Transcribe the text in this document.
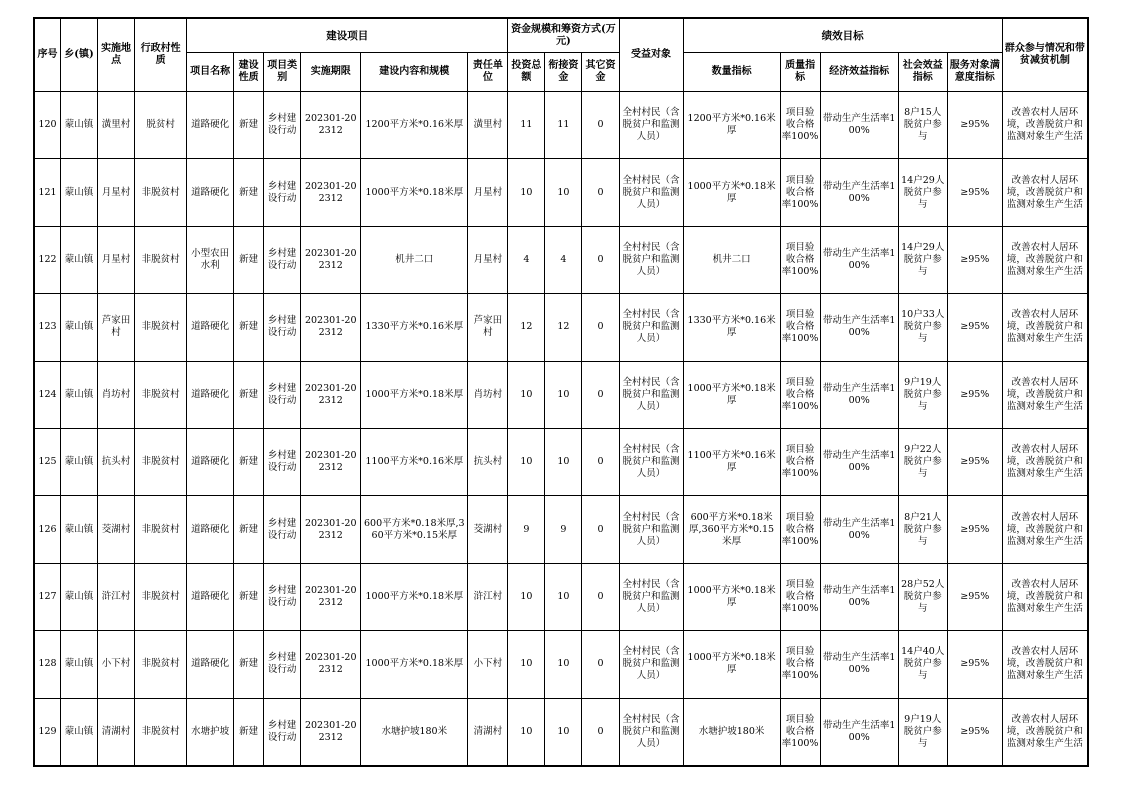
序号	乡(镇)	实施地点	行政村性质	建设项目						资金规模和筹资方式(万元)			受益对象	绩效目标					群众参与情况和带贫减贫机制
				项目名称	建设性质	项目类别	实施期限	建设内容和规模	责任单位	投资总额	衔接资金	其它资金		数量指标	质量指标	经济效益指标	社会效益指标	服务对象满意度指标	
120	蒙山镇	潢里村	脱贫村	道路硬化	新建	乡村建设行动	202301-202312	1200平方米*0.16米厚	潢里村	11	11	0	全村村民（含脱贫户和监测人员）	1200平方米*0.16米厚	项目验收合格率100%	带动生产生活率100%	8户15人脱贫户参与	≥95%	改善农村人居环境，改善脱贫户和监测对象生产生活
121	蒙山镇	月星村	非脱贫村	道路硬化	新建	乡村建设行动	202301-202312	1000平方米*0.18米厚	月星村	10	10	0	全村村民（含脱贫户和监测人员）	1000平方米*0.18米厚	项目验收合格率100%	带动生产生活率100%	14户29人脱贫户参与	≥95%	改善农村人居环境，改善脱贫户和监测对象生产生活
122	蒙山镇	月星村	非脱贫村	小型农田水利	新建	乡村建设行动	202301-202312	机井二口	月星村	4	4	0	全村村民（含脱贫户和监测人员）	机井二口	项目验收合格率100%	带动生产生活率100%	14户29人脱贫户参与	≥95%	改善农村人居环境，改善脱贫户和监测对象生产生活
123	蒙山镇	芦家田村	非脱贫村	道路硬化	新建	乡村建设行动	202301-202312	1330平方米*0.16米厚	芦家田村	12	12	0	全村村民（含脱贫户和监测人员）	1330平方米*0.16米厚	项目验收合格率100%	带动生产生活率100%	10户33人脱贫户参与	≥95%	改善农村人居环境，改善脱贫户和监测对象生产生活
124	蒙山镇	肖坊村	非脱贫村	道路硬化	新建	乡村建设行动	202301-202312	1000平方米*0.18米厚	肖坊村	10	10	0	全村村民（含脱贫户和监测人员）	1000平方米*0.18米厚	项目验收合格率100%	带动生产生活率100%	9户19人脱贫户参与	≥95%	改善农村人居环境，改善脱贫户和监测对象生产生活
125	蒙山镇	抗头村	非脱贫村	道路硬化	新建	乡村建设行动	202301-202312	1100平方米*0.16米厚	抗头村	10	10	0	全村村民（含脱贫户和监测人员）	1100平方米*0.16米厚	项目验收合格率100%	带动生产生活率100%	9户22人脱贫户参与	≥95%	改善农村人居环境，改善脱贫户和监测对象生产生活
126	蒙山镇	茭湖村	非脱贫村	道路硬化	新建	乡村建设行动	202301-202312	600平方米*0.18米厚,360平方米*0.15米厚	茭湖村	9	9	0	全村村民（含脱贫户和监测人员）	600平方米*0.18米厚,360平方米*0.15米厚	项目验收合格率100%	带动生产生活率100%	8户21人脱贫户参与	≥95%	改善农村人居环境，改善脱贫户和监测对象生产生活
127	蒙山镇	浒江村	非脱贫村	道路硬化	新建	乡村建设行动	202301-202312	1000平方米*0.18米厚	浒江村	10	10	0	全村村民（含脱贫户和监测人员）	1000平方米*0.18米厚	项目验收合格率100%	带动生产生活率100%	28户52人脱贫户参与	≥95%	改善农村人居环境，改善脱贫户和监测对象生产生活
128	蒙山镇	小下村	非脱贫村	道路硬化	新建	乡村建设行动	202301-202312	1000平方米*0.18米厚	小下村	10	10	0	全村村民（含脱贫户和监测人员）	1000平方米*0.18米厚	项目验收合格率100%	带动生产生活率100%	14户40人脱贫户参与	≥95%	改善农村人居环境，改善脱贫户和监测对象生产生活
129	蒙山镇	清湖村	非脱贫村	水塘护坡	新建	乡村建设行动	202301-202312	水塘护坡180米	清湖村	10	10	0	全村村民（含脱贫户和监测人员）	水塘护坡180米	项目验收合格率100%	带动生产生活率100%	9户19人脱贫户参与	≥95%	改善农村人居环境，改善脱贫户和监测对象生产生活
